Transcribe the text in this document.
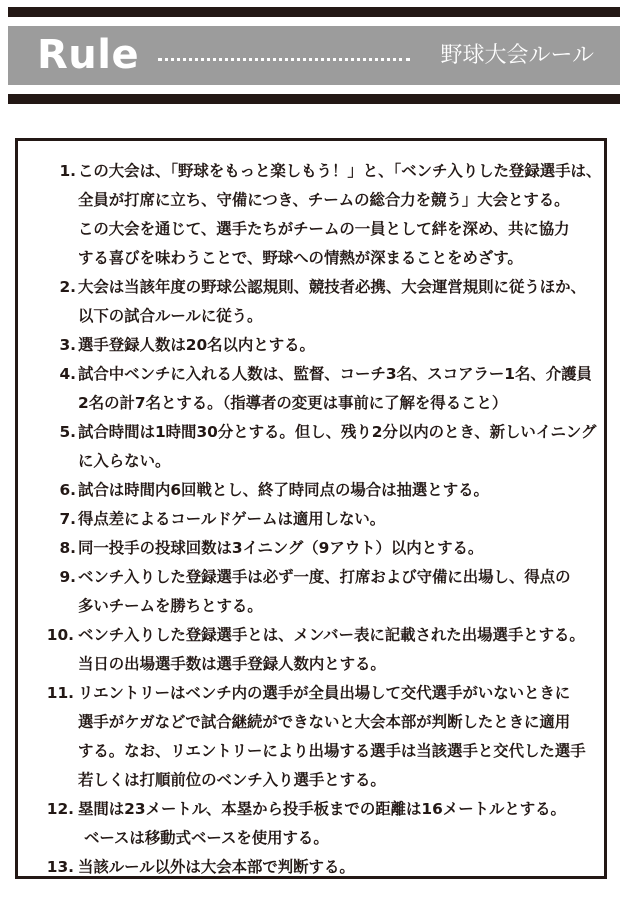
Rule	野球大会ルール
1. この大会は、「野球をもっと楽しもう！」と、「ベンチ入りした登録選手は、
全員が打席に立ち、守備につき、チームの総合力を競う」大会とする。
この大会を通じて、選手たちがチームの一員として絆を深め、共に協力
する喜びを味わうことで、野球への情熱が深まることをめざす。
2. 大会は当該年度の野球公認規則、競技者必携、大会運営規則に従うほか、
以下の試合ルールに従う。
3. 選手登録人数は20名以内とする。
4. 試合中ベンチに入れる人数は、監督、コーチ3名、スコアラー1名、介護員
2名の計7名とする。（指導者の変更は事前に了解を得ること）
5. 試合時間は1時間30分とする。但し、残り2分以内のとき、新しいイニング
に入らない。
6. 試合は時間内6回戦とし、終了時同点の場合は抽選とする。
7. 得点差によるコールドゲームは適用しない。
8. 同一投手の投球回数は3イニング（9アウト）以内とする。
9. ベンチ入りした登録選手は必ず一度、打席および守備に出場し、得点の
多いチームを勝ちとする。
10. ベンチ入りした登録選手とは、メンバー表に記載された出場選手とする。
当日の出場選手数は選手登録人数内とする。
11. リエントリーはベンチ内の選手が全員出場して交代選手がいないときに
選手がケガなどで試合継続ができないと大会本部が判断したときに適用
する。なお、リエントリーにより出場する選手は当該選手と交代した選手
若しくは打順前位のベンチ入り選手とする。
12. 塁間は23メートル、本塁から投手板までの距離は16メートルとする。
ベースは移動式ベースを使用する。
13. 当該ルール以外は大会本部で判断する。
